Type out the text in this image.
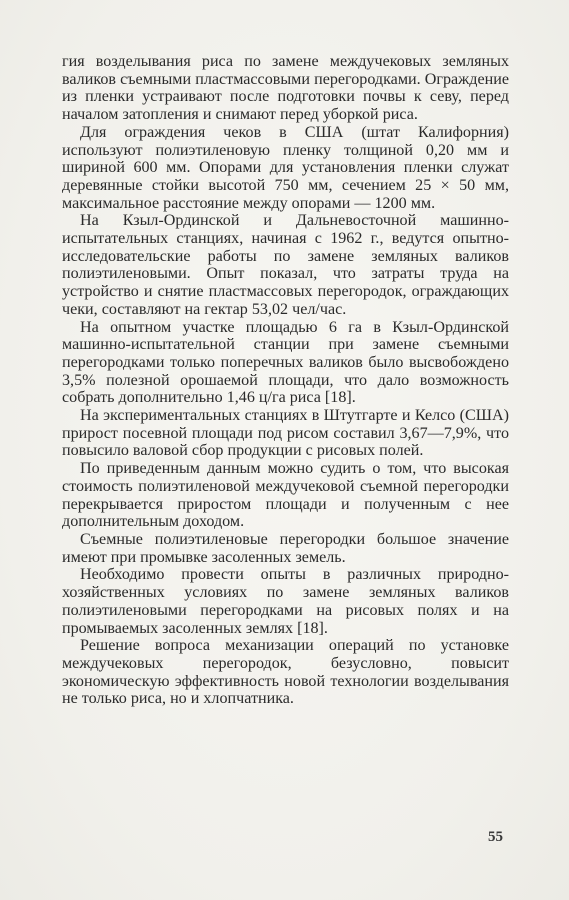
гия возделывания риса по замене междучековых земляных валиков съемными пластмассовыми перегородками. Ограждение из пленки устраивают после подготовки почвы к севу, перед началом затопления и снимают перед уборкой риса.

Для ограждения чеков в США (штат Калифорния) используют полиэтиленовую пленку толщиной 0,20 мм и шириной 600 мм. Опорами для установления пленки служат деревянные стойки высотой 750 мм, сечением 25 × 50 мм, максимальное расстояние между опорами — 1200 мм.

На Кзыл-Ординской и Дальневосточной машинно-испытательных станциях, начиная с 1962 г., ведутся опытно-исследовательские работы по замене земляных валиков полиэтиленовыми. Опыт показал, что затраты труда на устройство и снятие пластмассовых перегородок, ограждающих чеки, составляют на гектар 53,02 чел/час.

На опытном участке площадью 6 га в Кзыл-Ординской машинно-испытательной станции при замене съемными перегородками только поперечных валиков было высвобождено 3,5% полезной орошаемой площади, что дало возможность собрать дополнительно 1,46 ц/га риса [18].

На экспериментальных станциях в Штутгарте и Келсо (США) прирост посевной площади под рисом составил 3,67—7,9%, что повысило валовой сбор продукции с рисовых полей.

По приведенным данным можно судить о том, что высокая стоимость полиэтиленовой междучековой съемной перегородки перекрывается приростом площади и полученным с нее дополнительным доходом.

Съемные полиэтиленовые перегородки большое значение имеют при промывке засоленных земель.

Необходимо провести опыты в различных природно-хозяйственных условиях по замене земляных валиков полиэтиленовыми перегородками на рисовых полях и на промываемых засоленных землях [18].

Решение вопроса механизации операций по установке междучековых перегородок, безусловно, повысит экономическую эффективность новой технологии возделывания не только риса, но и хлопчатника.

55
